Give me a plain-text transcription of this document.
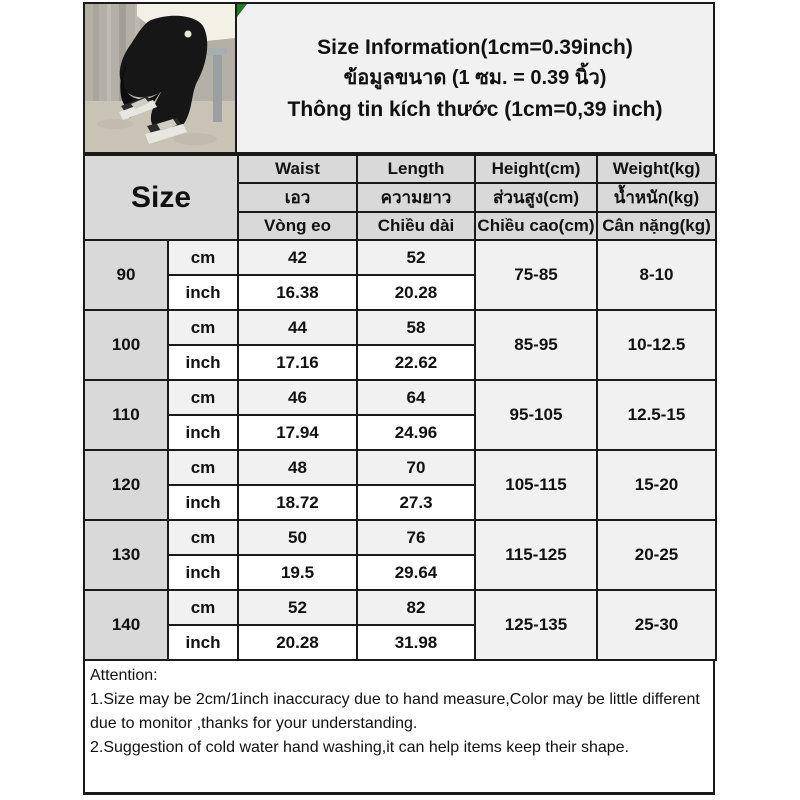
Size Information(1cm=0.39inch)
ข้อมูลขนาด (1 ซม. = 0.39 นิ้ว)
Thông tin kích thước (1cm=0,39 inch)
Size		Waist	Length	Height(cm)	Weight(kg)
		เอว	ความยาว	ส่วนสูง(cm)	น้ำหนัก(kg)
		Vòng eo	Chiều dài	Chiều cao(cm)	Cân nặng(kg)
90	cm	42	52	75-85	8-10
	inch	16.38	20.28		
100	cm	44	58	85-95	10-12.5
	inch	17.16	22.62		
110	cm	46	64	95-105	12.5-15
	inch	17.94	24.96		
120	cm	48	70	105-115	15-20
	inch	18.72	27.3		
130	cm	50	76	115-125	20-25
	inch	19.5	29.64		
140	cm	52	82	125-135	25-30
	inch	20.28	31.98		
Attention:
1.Size may be 2cm/1inch inaccuracy due to hand measure,Color may be little different
due to monitor ,thanks for your understanding.
2.Suggestion of cold water hand washing,it can help items keep their shape.
